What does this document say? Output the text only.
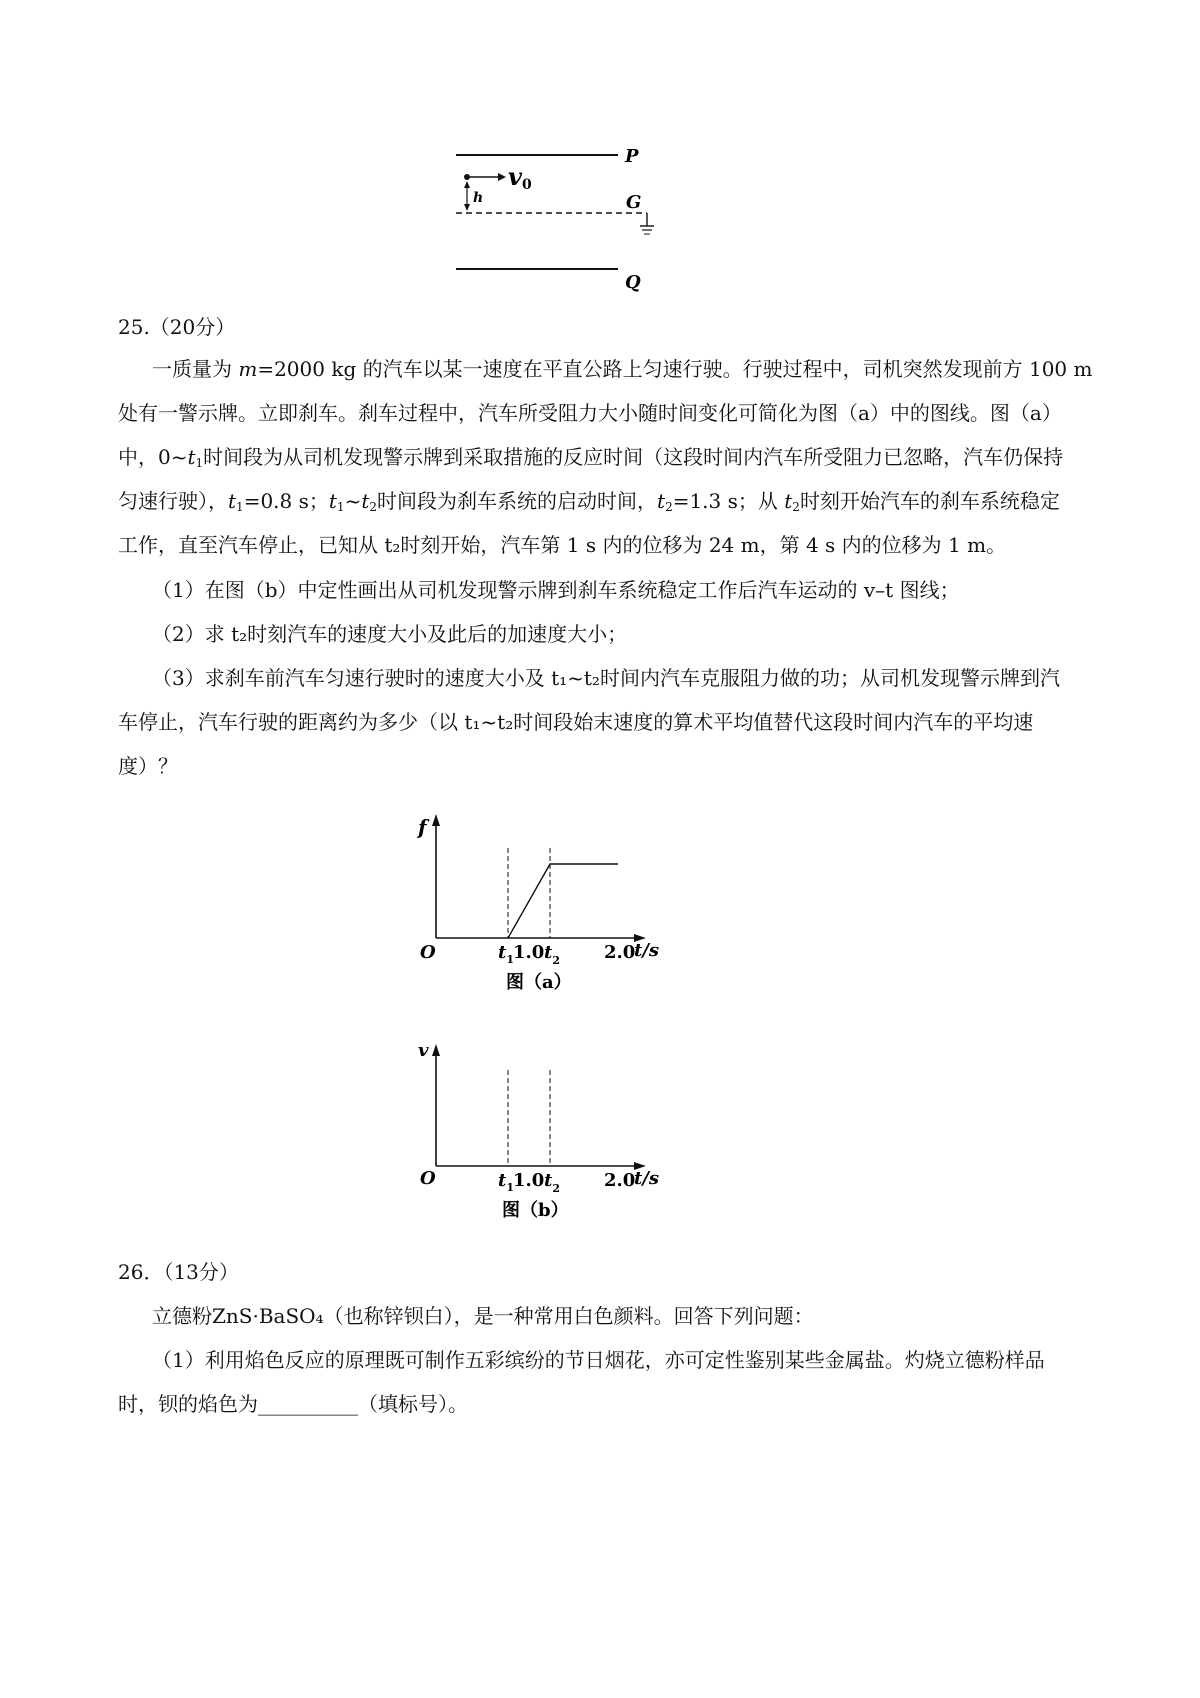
P
v0
h	G
Q
25.（20分）
一质量为 m=2000 kg 的汽车以某一速度在平直公路上匀速行驶。行驶过程中，司机突然发现前方 100 m
处有一警示牌。立即刹车。刹车过程中，汽车所受阻力大小随时间变化可简化为图（a）中的图线。图（a）
中，$0\sim t_1$时间段为从司机发现警示牌到采取措施的反应时间（这段时间内汽车所受阻力已忽略，汽车仍保持
匀速行驶），$t_1=0.8$ s；$t_1\sim t_2$时间段为刹车系统的启动时间，$t_2=1.3$ s；从 $t_2$时刻开始汽车的刹车系统稳定
工作，直至汽车停止，已知从 t₂时刻开始，汽车第 1 s 内的位移为 24 m，第 4 s 内的位移为 1 m。
（1）在图（b）中定性画出从司机发现警示牌到刹车系统稳定工作后汽车运动的 v–t 图线；
（2）求 t₂时刻汽车的速度大小及此后的加速度大小；
（3）求刹车前汽车匀速行驶时的速度大小及 t₁~t₂时间内汽车克服阻力做的功；从司机发现警示牌到汽
车停止，汽车行驶的距离约为多少（以 t₁~t₂时间段始末速度的算术平均值替代这段时间内汽车的平均速
度）？
f
O	$t_1$ 1.0 $t_2$ 2.0
t/s
图（a）
v
O	$t_1$ 1.0 $t_2$ 2.0
t/s
图（b）
26．（13分）
立德粉ZnS·BaSO₄（也称锌钡白），是一种常用白色颜料。回答下列问题：
（1）利用焰色反应的原理既可制作五彩缤纷的节日烟花，亦可定性鉴别某些金属盐。灼烧立德粉样品
时，钡的焰色为__________（填标号）。
